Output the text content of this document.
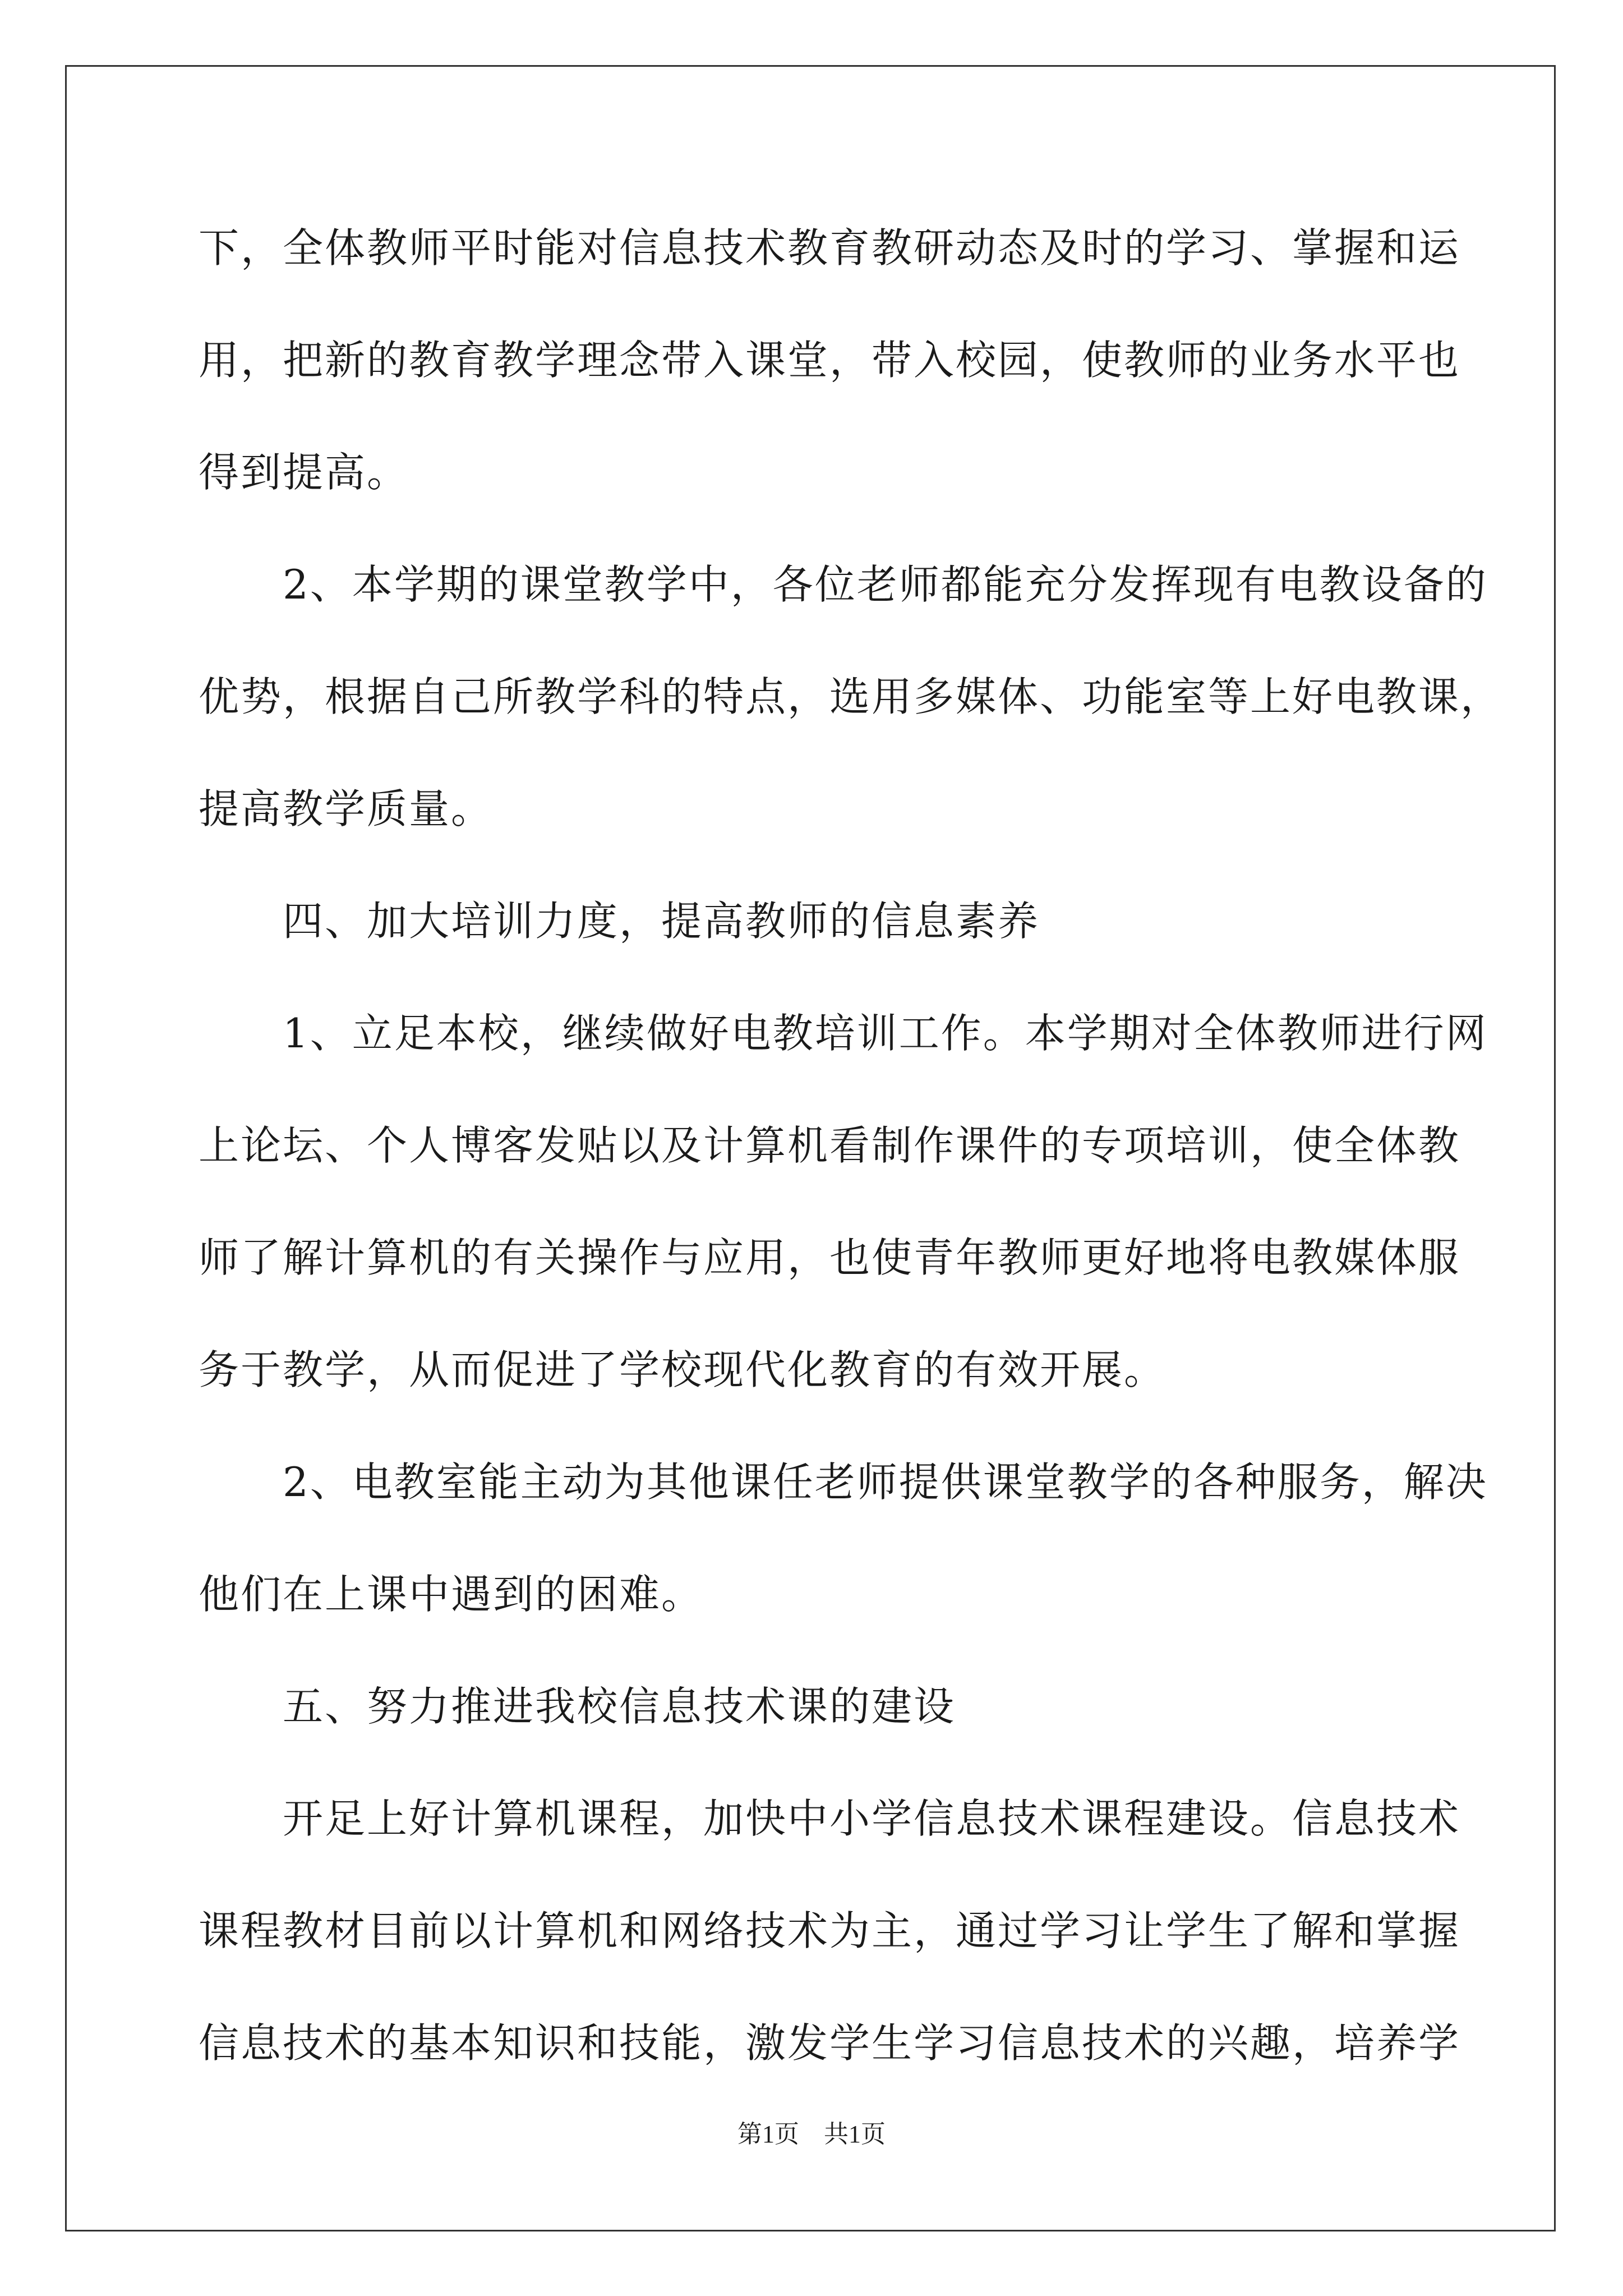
下，全体教师平时能对信息技术教育教研动态及时的学习、掌握和运
用，把新的教育教学理念带入课堂，带入校园，使教师的业务水平也
得到提高。
　　2、本学期的课堂教学中，各位老师都能充分发挥现有电教设备的
优势，根据自己所教学科的特点，选用多媒体、功能室等上好电教课，
提高教学质量。
　　四、加大培训力度，提高教师的信息素养
　　1、立足本校，继续做好电教培训工作。本学期对全体教师进行网
上论坛、个人博客发贴以及计算机看制作课件的专项培训，使全体教
师了解计算机的有关操作与应用，也使青年教师更好地将电教媒体服
务于教学，从而促进了学校现代化教育的有效开展。
　　2、电教室能主动为其他课任老师提供课堂教学的各种服务，解决
他们在上课中遇到的困难。
　　五、努力推进我校信息技术课的建设
　　开足上好计算机课程，加快中小学信息技术课程建设。信息技术
课程教材目前以计算机和网络技术为主，通过学习让学生了解和掌握
信息技术的基本知识和技能，激发学生学习信息技术的兴趣，培养学
第1页　共1页
